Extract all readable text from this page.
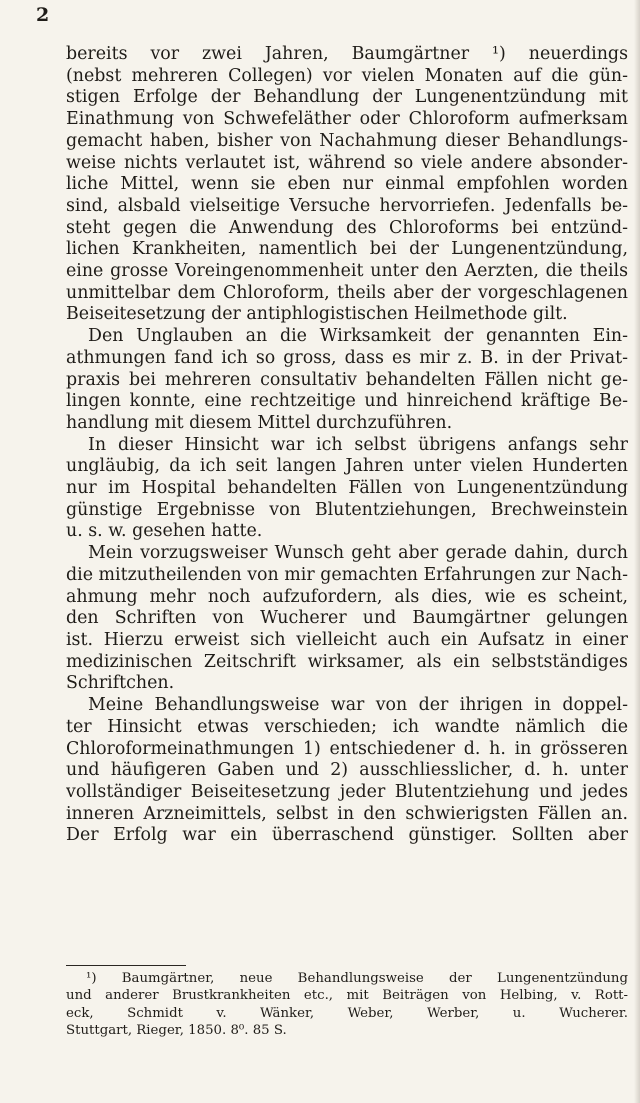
2
bereits vor zwei Jahren, Baumgärtner ¹) neuerdings
(nebst mehreren Collegen) vor vielen Monaten auf die gün-
stigen Erfolge der Behandlung der Lungenentzündung mit
Einathmung von Schwefeläther oder Chloroform aufmerksam
gemacht haben, bisher von Nachahmung dieser Behandlungs-
weise nichts verlautet ist, während so viele andere absonder-
liche Mittel, wenn sie eben nur einmal empfohlen worden
sind, alsbald vielseitige Versuche hervorriefen. Jedenfalls be-
steht gegen die Anwendung des Chloroforms bei entzünd-
lichen Krankheiten, namentlich bei der Lungenentzündung,
eine grosse Voreingenommenheit unter den Aerzten, die theils
unmittelbar dem Chloroform, theils aber der vorgeschlagenen
Beiseitesetzung der antiphlogistischen Heilmethode gilt.
Den Unglauben an die Wirksamkeit der genannten Ein-
athmungen fand ich so gross, dass es mir z. B. in der Privat-
praxis bei mehreren consultativ behandelten Fällen nicht ge-
lingen konnte, eine rechtzeitige und hinreichend kräftige Be-
handlung mit diesem Mittel durchzuführen.
In dieser Hinsicht war ich selbst übrigens anfangs sehr
ungläubig, da ich seit langen Jahren unter vielen Hunderten
nur im Hospital behandelten Fällen von Lungenentzündung
günstige Ergebnisse von Blutentziehungen, Brechweinstein
u. s. w. gesehen hatte.
Mein vorzugsweiser Wunsch geht aber gerade dahin, durch
die mitzutheilenden von mir gemachten Erfahrungen zur Nach-
ahmung mehr noch aufzufordern, als dies, wie es scheint,
den Schriften von Wucherer und Baumgärtner gelungen
ist. Hierzu erweist sich vielleicht auch ein Aufsatz in einer
medizinischen Zeitschrift wirksamer, als ein selbstständiges
Schriftchen.
Meine Behandlungsweise war von der ihrigen in doppel-
ter Hinsicht etwas verschieden; ich wandte nämlich die
Chloroformeinathmungen 1) entschiedener d. h. in grösseren
und häufigeren Gaben und 2) ausschliesslicher, d. h. unter
vollständiger Beiseitesetzung jeder Blutentziehung und jedes
inneren Arzneimittels, selbst in den schwierigsten Fällen an.
Der Erfolg war ein überraschend günstiger. Sollten aber
¹) Baumgärtner, neue Behandlungsweise der Lungenentzündung
und anderer Brustkrankheiten etc., mit Beiträgen von Helbing, v. Rott-
eck, Schmidt v. Wänker, Weber, Werber, u. Wucherer.
Stuttgart, Rieger, 1850. 8⁰. 85 S.
